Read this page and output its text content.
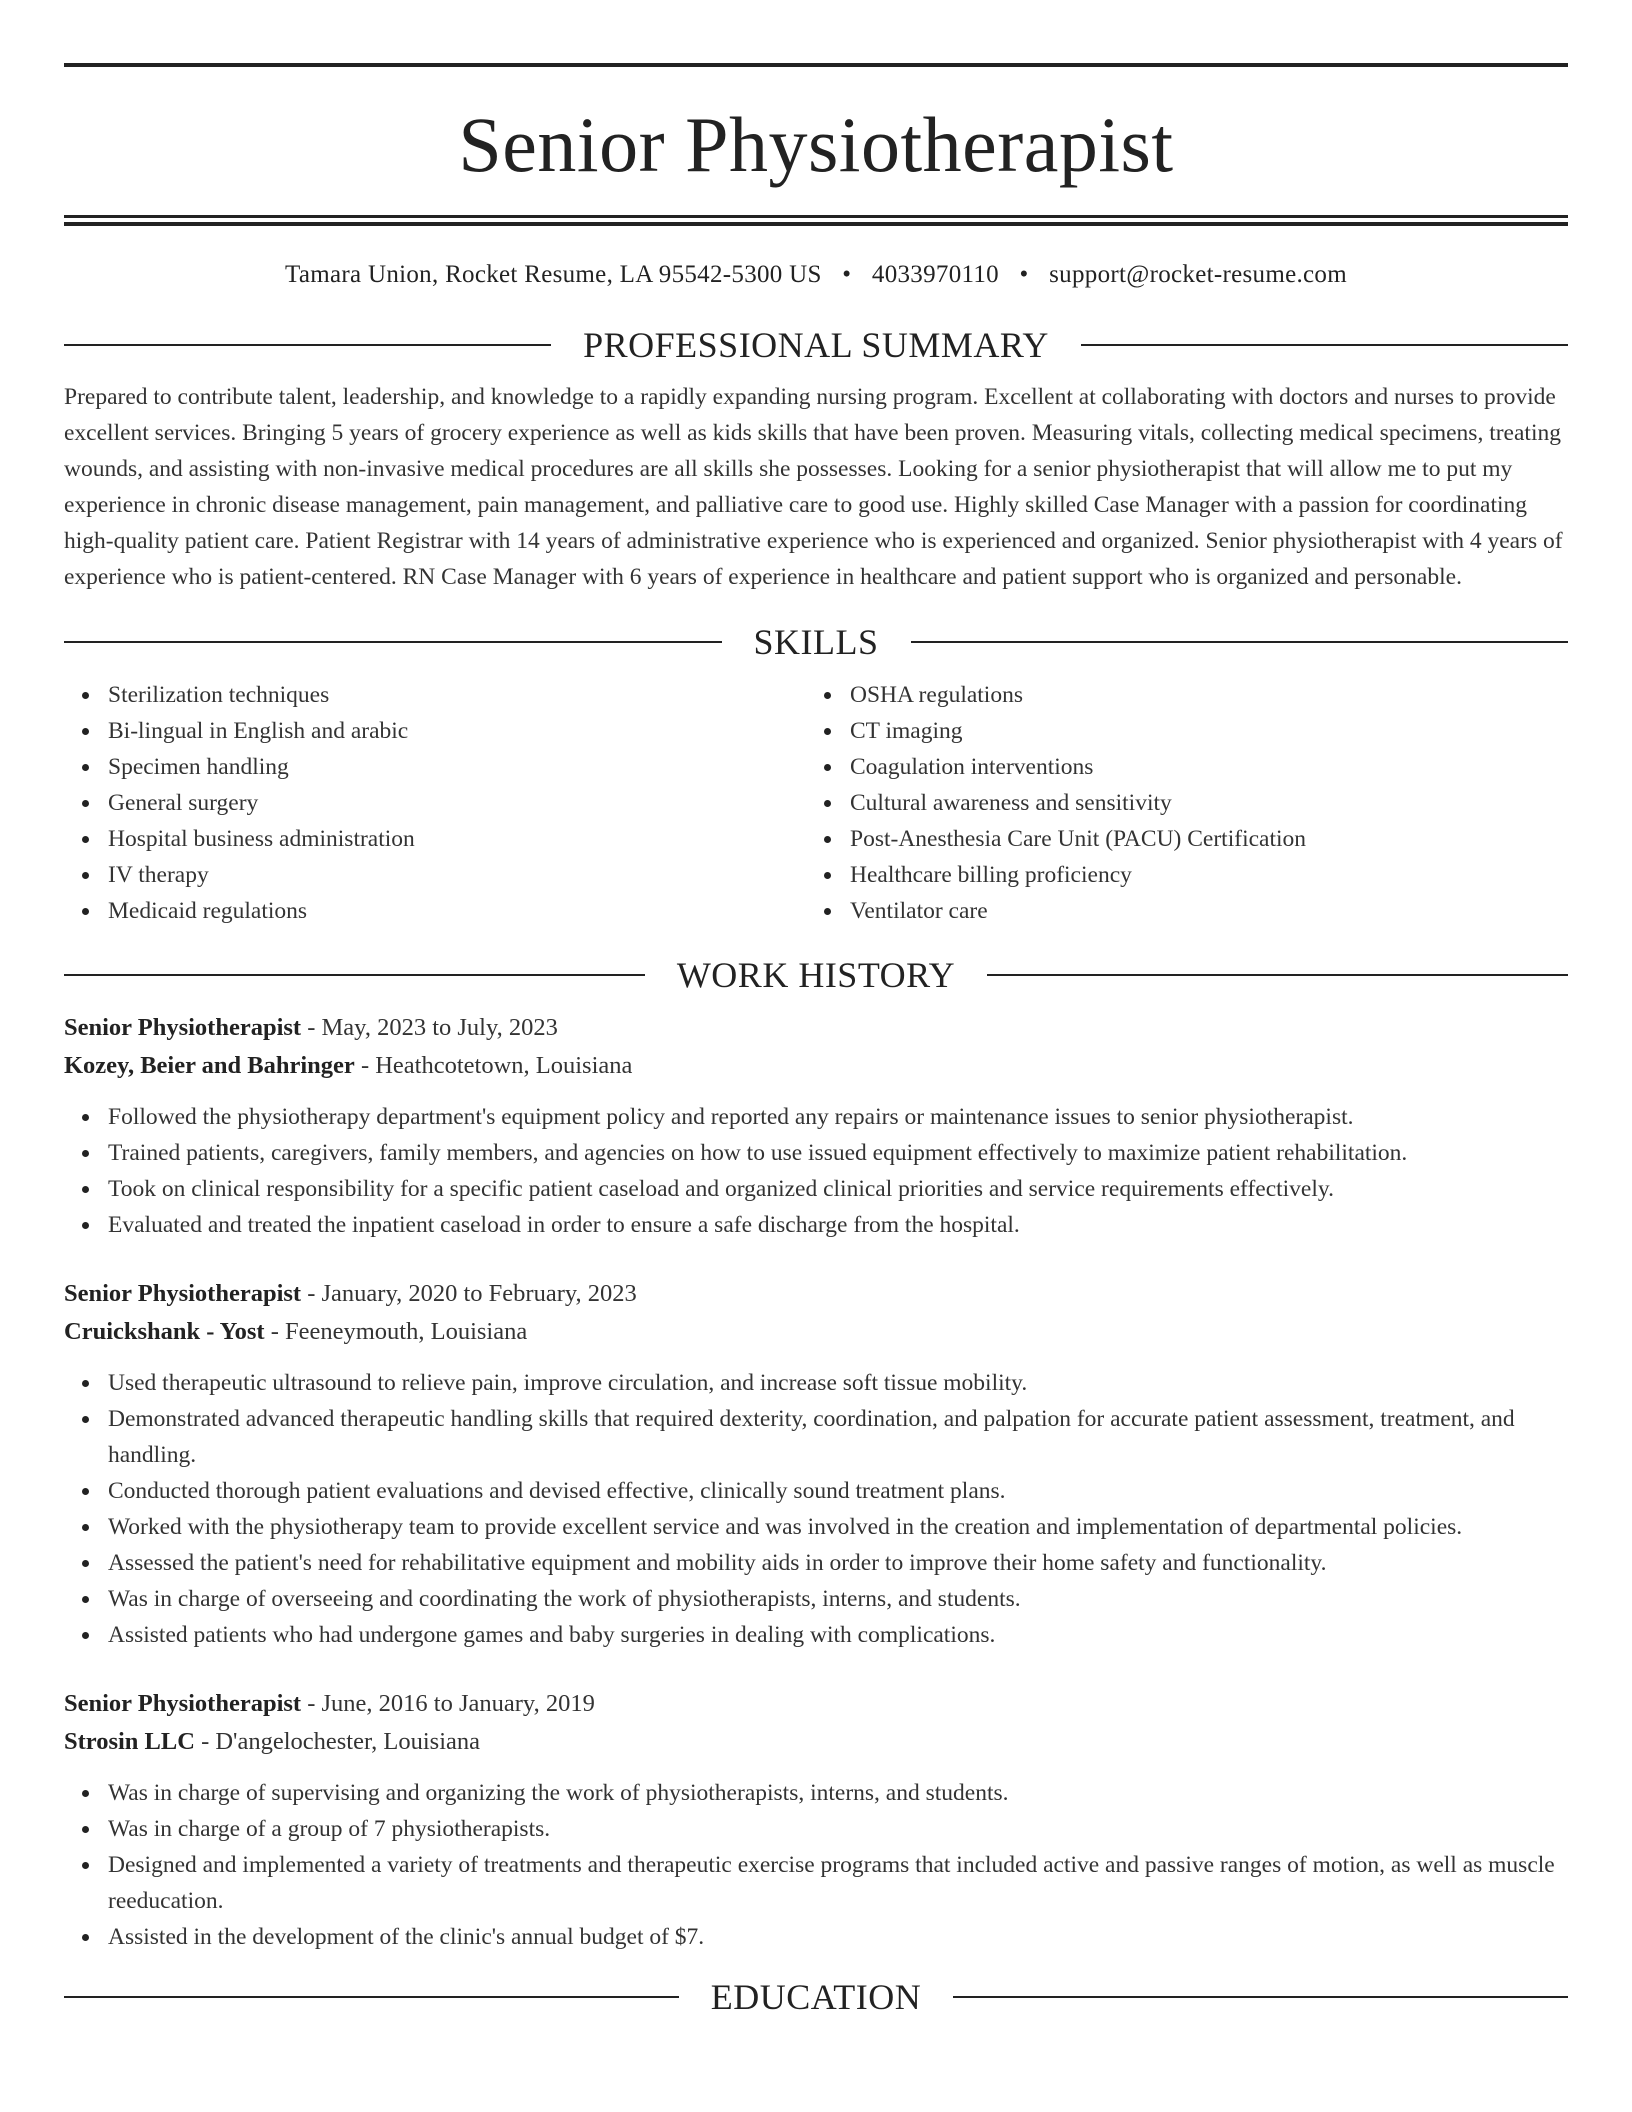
Senior Physiotherapist
Tamara Union, Rocket Resume, LA 95542-5300 US • 4033970110 • support@rocket-resume.com
PROFESSIONAL SUMMARY

Prepared to contribute talent, leadership, and knowledge to a rapidly expanding nursing program. Excellent at collaborating with doctors and nurses to provide excellent services. Bringing 5 years of grocery experience as well as kids skills that have been proven. Measuring vitals, collecting medical specimens, treating wounds, and assisting with non-invasive medical procedures are all skills she possesses. Looking for a senior physiotherapist that will allow me to put my experience in chronic disease management, pain management, and palliative care to good use. Highly skilled Case Manager with a passion for coordinating high-quality patient care. Patient Registrar with 14 years of administrative experience who is experienced and organized. Senior physiotherapist with 4 years of experience who is patient-centered. RN Case Manager with 6 years of experience in healthcare and patient support who is organized and personable.

SKILLS
Sterilization techniques
Bi-lingual in English and arabic
Specimen handling
General surgery
Hospital business administration
IV therapy
Medicaid regulations
OSHA regulations
CT imaging
Coagulation interventions
Cultural awareness and sensitivity
Post-Anesthesia Care Unit (PACU) Certification
Healthcare billing proficiency
Ventilator care
WORK HISTORY
Senior Physiotherapist - May, 2023 to July, 2023
Kozey, Beier and Bahringer - Heathcotetown, Louisiana
Followed the physiotherapy department's equipment policy and reported any repairs or maintenance issues to senior physiotherapist.
Trained patients, caregivers, family members, and agencies on how to use issued equipment effectively to maximize patient rehabilitation.
Took on clinical responsibility for a specific patient caseload and organized clinical priorities and service requirements effectively.
Evaluated and treated the inpatient caseload in order to ensure a safe discharge from the hospital.
Senior Physiotherapist - January, 2020 to February, 2023
Cruickshank - Yost - Feeneymouth, Louisiana
Used therapeutic ultrasound to relieve pain, improve circulation, and increase soft tissue mobility.
Demonstrated advanced therapeutic handling skills that required dexterity, coordination, and palpation for accurate patient assessment, treatment, and handling.
Conducted thorough patient evaluations and devised effective, clinically sound treatment plans.
Worked with the physiotherapy team to provide excellent service and was involved in the creation and implementation of departmental policies.
Assessed the patient's need for rehabilitative equipment and mobility aids in order to improve their home safety and functionality.
Was in charge of overseeing and coordinating the work of physiotherapists, interns, and students.
Assisted patients who had undergone games and baby surgeries in dealing with complications.
Senior Physiotherapist - June, 2016 to January, 2019
Strosin LLC - D'angelochester, Louisiana
Was in charge of supervising and organizing the work of physiotherapists, interns, and students.
Was in charge of a group of 7 physiotherapists.
Designed and implemented a variety of treatments and therapeutic exercise programs that included active and passive ranges of motion, as well as muscle reeducation.
Assisted in the development of the clinic's annual budget of $7.
EDUCATION
